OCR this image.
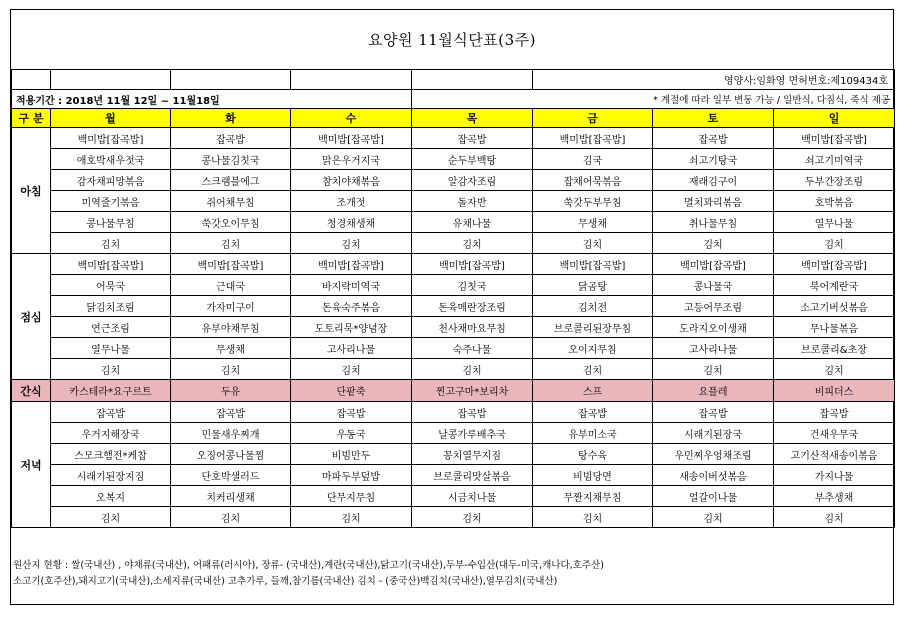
요양원 11월식단표(3주)
					영양사:임화영 면허번호:제109434호		
적용기간 : 2018년 11월 12일 ~ 11월18일				* 계절에 따라 일부 변동 가능 / 일반식, 다짐식, 죽식 제공			
구 분	월	화	수	목	금	토	일
아침	백미밥[잡곡밥]	잡곡밥	백미밥[잡곡밥]	잡곡밥	백미밥[잡곡밥]	잡곡밥	백미밥[잡곡밥]
	애호박새우젓국	콩나물김칫국	맑은우거지국	순두부백탕	김국	쇠고기탕국	쇠고기미역국
	감자채피망볶음	스크램블에그	참치야채볶음	알감자조림	잡채어묵볶음	재래김구이	두부간장조림
	미역줄기볶음	쥐어채무침	조개젓	돌자반	쑥갓두부무침	멸치꽈리볶음	호박볶음
	콩나물무침	쑥갓오이무침	청경채생채	유채나물	무생채	취나물무침	열무나물
	김치	김치	김치	김치	김치	김치	김치
점심	백미밥[잡곡밥]	백미밥[잡곡밥]	백미밥[잡곡밥]	백미밥[잡곡밥]	백미밥[잡곡밥]	백미밥[잡곡밥]	백미밥[잡곡밥]
	어묵국	근대국	바지락미역국	김칫국	닭곰탕	콩나물국	북어계란국
	닭김치조림	가자미구이	돈육숙주볶음	돈육메란장조림	김치전	고등어무조림	소고기버섯볶음
	연근조림	유부야채무침	도토리묵*양념장	천사채마요무침	브로콜리된장무침	도라지오이생채	무나물볶음
	열무나물	무생채	고사리나물	숙주나물	오이지무침	고사리나물	브로콜리&초장
	김치	김치	김치	김치	김치	김치	김치
간식	카스테라*요구르트	두유	단팥죽	찐고구마*보리차	스프	요플레	비피더스
저녁	잡곡밥	잡곡밥	잡곡밥	잡곡밥	잡곡밥	잡곡밥	잡곡밥
	우거지해장국	민물새우찌개	우동국	날콩가루배추국	유부미소국	시래기된장국	건새우무국
	스모크햄전*케찹	오징어콩나물찜	비빔만두	꽁치열무지짐	탕수육	우민찌우엉채조림	고기산적새송이볶음
	시래기된장지짐	단호박샐러드	마파두부덮밥	브로콜리맛살볶음	비빔당면	새송이버섯볶음	가지나물
	오복지	치커리생채	단무지무침	시금치나물	무짠지채무침	얼갈이나물	부추생채
	김치	김치	김치	김치	김치	김치	김치
원산지 현황 : 쌀(국내산) , 야채류(국내산), 어패류(러시아), 장류- (국내산),계란(국내산),닭고기(국내산),두부-수입산(대두-미국,캐나다,호주산)
소고기(호주산),돼지고기(국내산),소세지류(국내산) 고추가루, 들깨,참기름(국내산) 김치 - (중국산)백김치(국내산),열무김치(국내산)
